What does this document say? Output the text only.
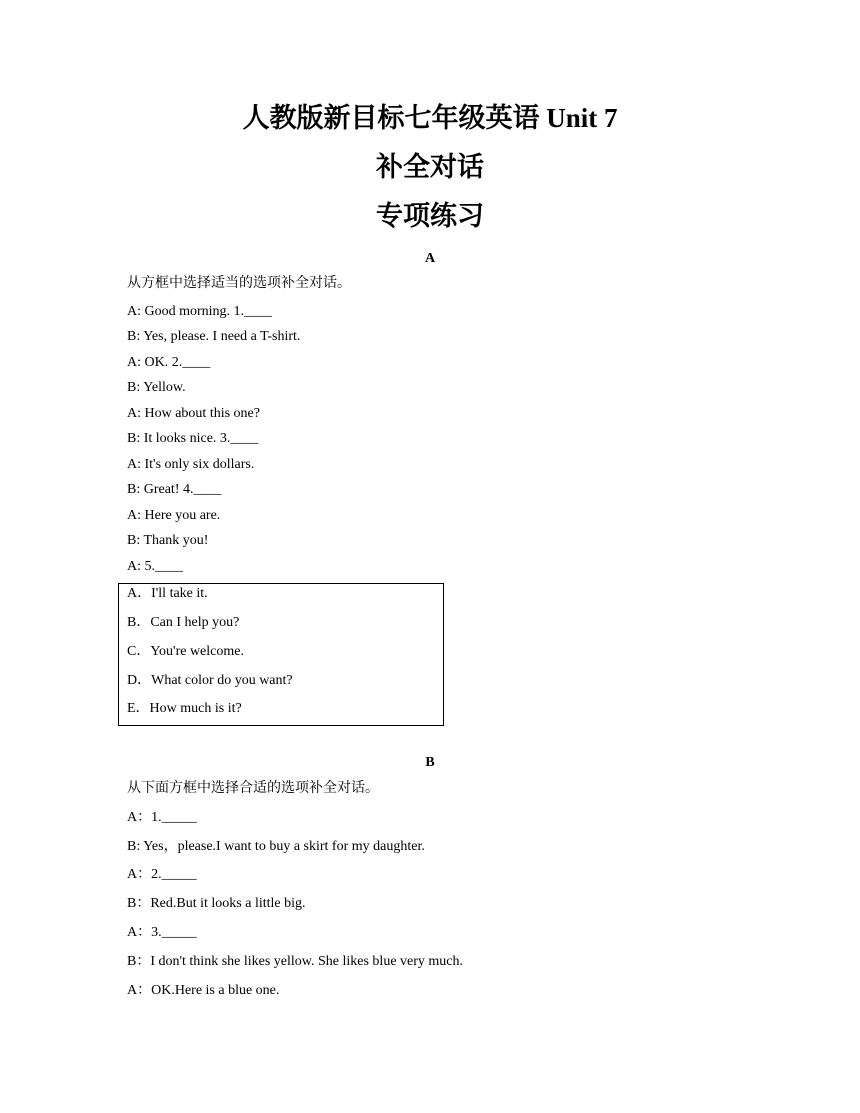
人教版新目标七年级英语 Unit 7
补全对话
专项练习
A
从方框中选择适当的选项补全对话。
A: Good morning. 1.____
B: Yes, please. I need a T-shirt.
A: OK. 2.____
B: Yellow.
A: How about this one?
B: It looks nice. 3.____
A: It's only six dollars.
B: Great! 4.____
A: Here you are.
B: Thank you!
A: 5.____
A．I'll take it.
B．Can I help you?
C．You're welcome.
D．What color do you want?
E．How much is it?
B
从下面方框中选择合适的选项补全对话。
A：1._____
B: Yes，please.I want to buy a skirt for my daughter.
A：2._____
B：Red.But it looks a little big.
A：3._____
B：I don't think she likes yellow. She likes blue very much.
A：OK.Here is a blue one.
